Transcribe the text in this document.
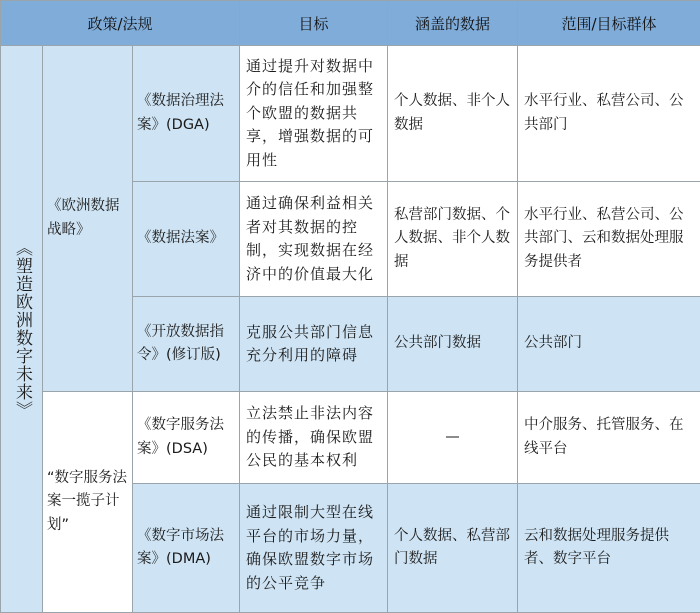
政策/法规			目标	涵盖的数据	范围/目标群体

《塑造欧洲数字未来》	《欧洲数据战略》	《数据治理法案》(DGA)	通过提升对数据中介的信任和加强整个欧盟的数据共享，增强数据的可用性	个人数据、非个人数据	水平行业、私营公司、公共部门

		《数据法案》	通过确保利益相关者对其数据的控制，实现数据在经济中的价值最大化	私营部门数据、个人数据、非个人数据	水平行业、私营公司、公共部门、云和数据处理服务提供者

		《开放数据指令》(修订版)	克服公共部门信息充分利用的障碍	公共部门数据	公共部门

	“数字服务法案一揽子计划”	《数字服务法案》(DSA)	立法禁止非法内容的传播，确保欧盟公民的基本权利	—	中介服务、托管服务、在线平台

		《数字市场法案》(DMA)	通过限制大型在线平台的市场力量，确保欧盟数字市场的公平竞争	个人数据、私营部门数据	云和数据处理服务提供者、数字平台
